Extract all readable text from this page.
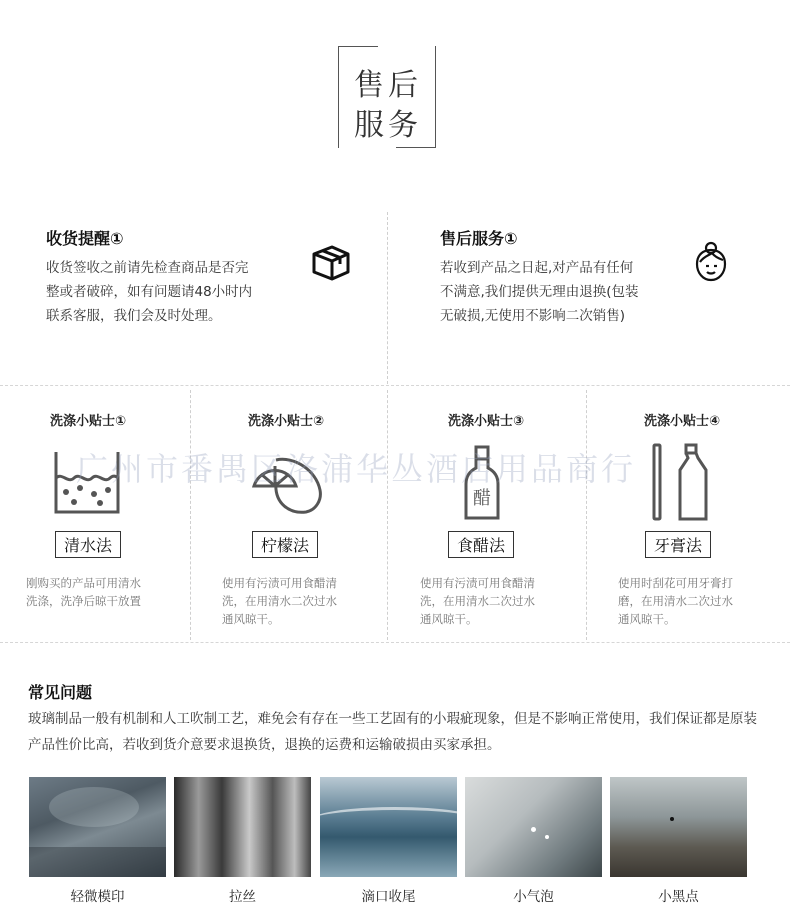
售后
服务
收货提醒①
收货签收之前请先检查商品是否完
整或者破碎，如有问题请48小时内
联系客服，我们会及时处理。
售后服务①
若收到产品之日起,对产品有任何
不满意,我们提供无理由退换(包装
无破损,无使用不影响二次销售)
洗涤小贴士①
清水法
刚购买的产品可用清水
洗涤，洗净后晾干放置
洗涤小贴士②
柠檬法
使用有污渍可用食醋清
洗，在用清水二次过水
通风晾干。
洗涤小贴士③
醋
食醋法
使用有污渍可用食醋清
洗，在用清水二次过水
通风晾干。
洗涤小贴士④
牙膏法
使用时刮花可用牙膏打
磨，在用清水二次过水
通风晾干。
广州市番禺区洛浦华丛酒店用品商行
常见问题
玻璃制品一般有机制和人工吹制工艺，难免会有存在一些工艺固有的小瑕疵现象，但是不影响正常使用，我们保证都是原装产品性价比高，若收到货介意要求退换货，退换的运费和运输破损由买家承担。
轻微模印	拉丝	滴口收尾	小气泡	小黑点
